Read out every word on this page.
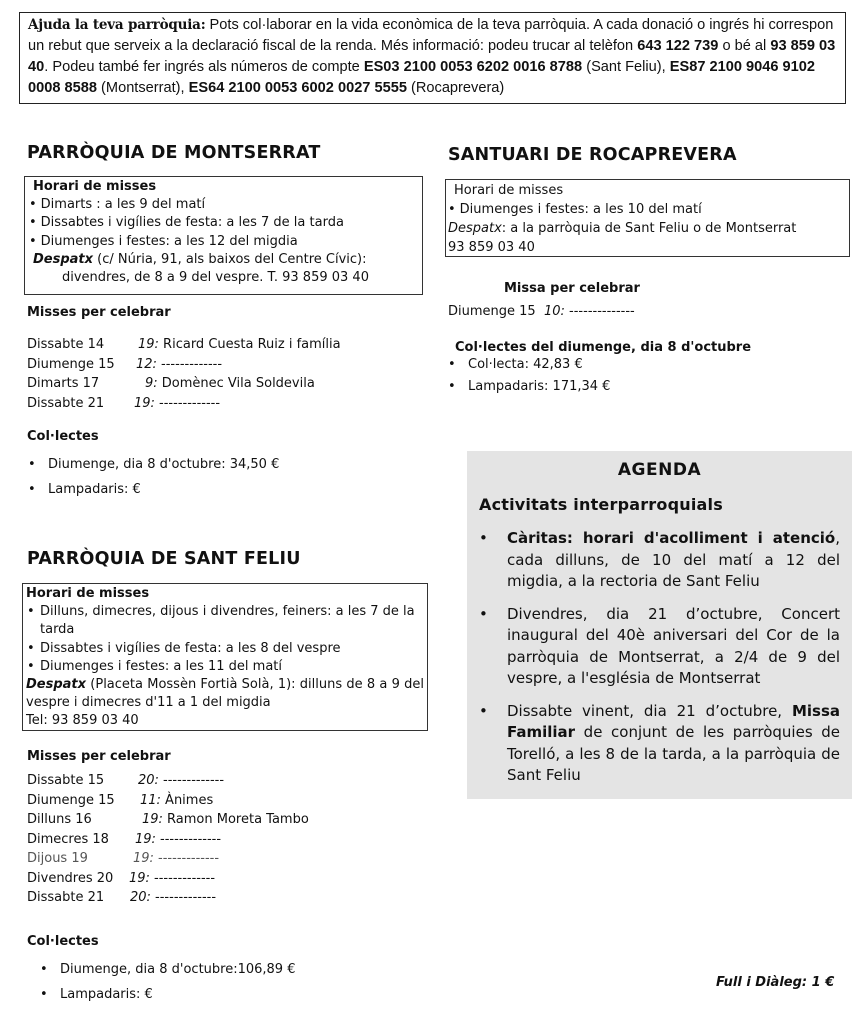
Ajuda la teva parròquia: Pots col·laborar en la vida econòmica de la teva parròquia. A cada donació o ingrés hi correspon un rebut que serveix a la declaració fiscal de la renda. Més informació: podeu trucar al telèfon 643 122 739 o bé al 93 859 03 40. Podeu també fer ingrés als números de compte ES03 2100 0053 6202 0016 8788 (Sant Feliu), ES87 2100 9046 9102 0008 8588 (Montserrat), ES64 2100 0053 6002 0027 5555 (Rocaprevera)
PARRÒQUIA DE MONTSERRAT
Horari de misses
• Dimarts : a les 9 del matí
• Dissabtes i vigílies de festa: a les 7 de la tarda
• Diumenges i festes: a les 12 del migdia
Despatx (c/ Núria, 91, als baixos del Centre Cívic):
divendres, de 8 a 9 del vespre. T. 93 859 03 40
Misses per celebrar
Dissabte 14	19: Ricard Cuesta Ruiz i família
Diumenge 15 12: -------------
Dimarts 17	9: Domènec Vila Soldevila
Dissabte 21 19: -------------
Col·lectes
• Diumenge, dia 8 d'octubre: 34,50 €
• Lampadaris: €
SANTUARI DE ROCAPREVERA
Horari de misses
• Diumenges i festes: a les 10 del matí
Despatx: a la parròquia de Sant Feliu o de Montserrat
93 859 03 40
Missa per celebrar
Diumenge 15 10: --------------
Col·lectes del diumenge, dia 8 d'octubre
• Col·lecta: 42,83 €
• Lampadaris: 171,34 €
AGENDA
Activitats interparroquials
• Càritas: horari d'acolliment i atenció, cada dilluns, de 10 del matí a 12 del migdia, a la rectoria de Sant Feliu
• Divendres, dia 21 d’octubre, Concert inaugural del 40è aniversari del Cor de la parròquia de Montserrat, a 2/4 de 9 del vespre, a l'església de Montserrat
• Dissabte vinent, dia 21 d’octubre, Missa Familiar de conjunt de les parròquies de Torelló, a les 8 de la tarda, a la parròquia de Sant Feliu
PARRÒQUIA DE SANT FELIU
Horari de misses
• Dilluns, dimecres, dijous i divendres, feiners: a les 7 de la tarda
• Dissabtes i vigílies de festa: a les 8 del vespre
• Diumenges i festes: a les 11 del matí
Despatx (Placeta Mossèn Fortià Solà, 1): dilluns de 8 a 9 del vespre i dimecres d'11 a 1 del migdia
Tel: 93 859 03 40
Misses per celebrar
Dissabte 15	20: -------------
Diumenge 15 11: Ànimes
Dilluns 16	19: Ramon Moreta Tambo
Dimecres 18 19: -------------
Dijous 19	19: -------------
Divendres 20 19: -------------
Dissabte 21 20: -------------
Col·lectes
• Diumenge, dia 8 d'octubre:106,89 €
• Lampadaris: €
Full i Diàleg: 1 €
